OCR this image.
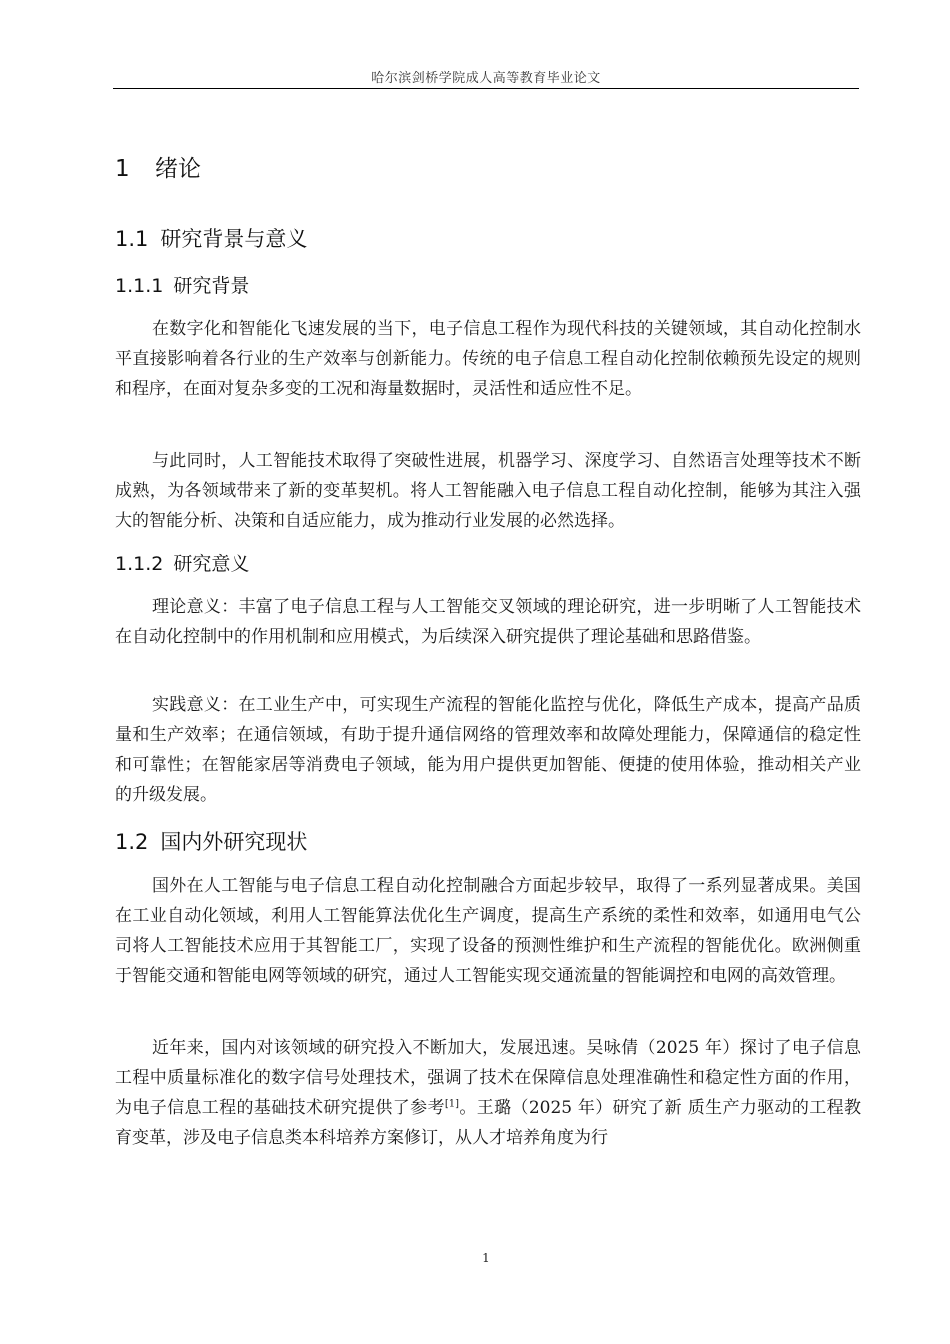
哈尔滨剑桥学院成人高等教育毕业论文
1 绪论
1.1 研究背景与意义
1.1.1 研究背景

在数字化和智能化飞速发展的当下，电子信息工程作为现代科技的关键领域，其自动化控制水平直接影响着各行业的生产效率与创新能力。传统的电子信息工程自动化控制依赖预先设定的规则和程序，在面对复杂多变的工况和海量数据时，灵活性和适应性不足。

与此同时，人工智能技术取得了突破性进展，机器学习、深度学习、自然语言处理等技术不断成熟，为各领域带来了新的变革契机。将人工智能融入电子信息工程自动化控制，能够为其注入强大的智能分析、决策和自适应能力，成为推动行业发展的必然选择。

1.1.2 研究意义

理论意义：丰富了电子信息工程与人工智能交叉领域的理论研究，进一步明晰了人工智能技术在自动化控制中的作用机制和应用模式，为后续深入研究提供了理论基础和思路借鉴。

实践意义：在工业生产中，可实现生产流程的智能化监控与优化，降低生产成本，提高产品质量和生产效率；在通信领域，有助于提升通信网络的管理效率和故障处理能力，保障通信的稳定性和可靠性；在智能家居等消费电子领域，能为用户提供更加智能、便捷的使用体验，推动相关产业的升级发展。

1.2 国内外研究现状

国外在人工智能与电子信息工程自动化控制融合方面起步较早，取得了一系列显著成果。美国在工业自动化领域，利用人工智能算法优化生产调度，提高生产系统的柔性和效率，如通用电气公司将人工智能技术应用于其智能工厂，实现了设备的预测性维护和生产流程的智能优化。欧洲侧重于智能交通和智能电网等领域的研究，通过人工智能实现交通流量的智能调控和电网的高效管理。

近年来，国内对该领域的研究投入不断加大，发展迅速。吴咏倩（2025 年）探讨了电子信息工程中质量标准化的数字信号处理技术，强调了技术在保障信息处理准确性和稳定性方面的作用，为电子信息工程的基础技术研究提供了参考[1]。王璐（2025 年）研究了新 质生产力驱动的工程教育变革，涉及电子信息类本科培养方案修订，从人才培养角度为行

1
